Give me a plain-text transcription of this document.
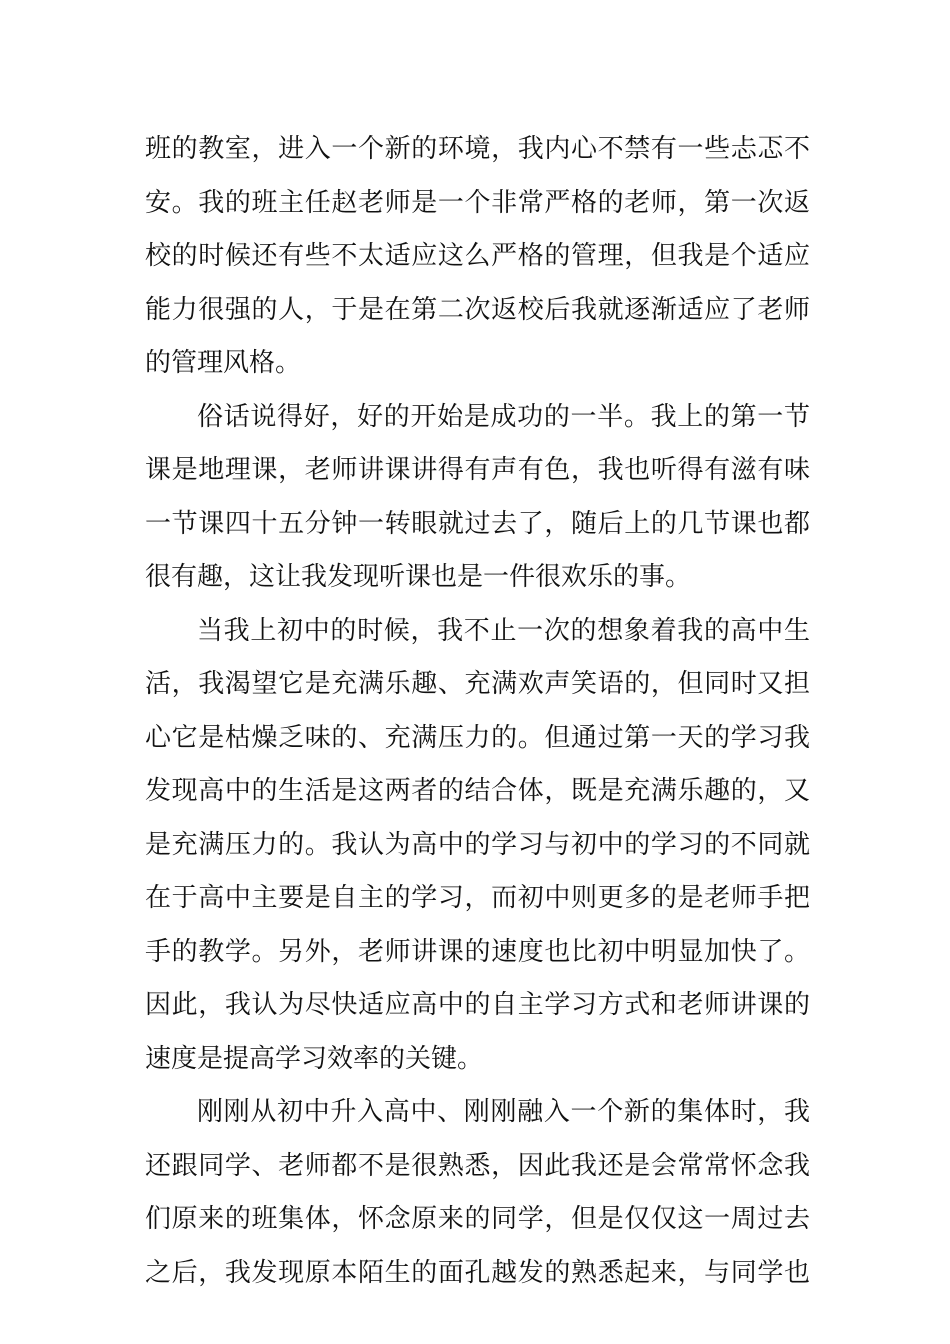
班的教室，进入一个新的环境，我内心不禁有一些忐忑不
安。我的班主任赵老师是一个非常严格的老师，第一次返
校的时候还有些不太适应这么严格的管理，但我是个适应
能力很强的人，于是在第二次返校后我就逐渐适应了老师
的管理风格。
俗话说得好，好的开始是成功的一半。我上的第一节
课是地理课，老师讲课讲得有声有色，我也听得有滋有味
一节课四十五分钟一转眼就过去了，随后上的几节课也都
很有趣，这让我发现听课也是一件很欢乐的事。
当我上初中的时候，我不止一次的想象着我的高中生
活，我渴望它是充满乐趣、充满欢声笑语的，但同时又担
心它是枯燥乏味的、充满压力的。但通过第一天的学习我
发现高中的生活是这两者的结合体，既是充满乐趣的，又
是充满压力的。我认为高中的学习与初中的学习的不同就
在于高中主要是自主的学习，而初中则更多的是老师手把
手的教学。另外，老师讲课的速度也比初中明显加快了。
因此，我认为尽快适应高中的自主学习方式和老师讲课的
速度是提高学习效率的关键。
刚刚从初中升入高中、刚刚融入一个新的集体时，我
还跟同学、老师都不是很熟悉，因此我还是会常常怀念我
们原来的班集体，怀念原来的同学，但是仅仅这一周过去
之后，我发现原本陌生的面孔越发的熟悉起来，与同学也
